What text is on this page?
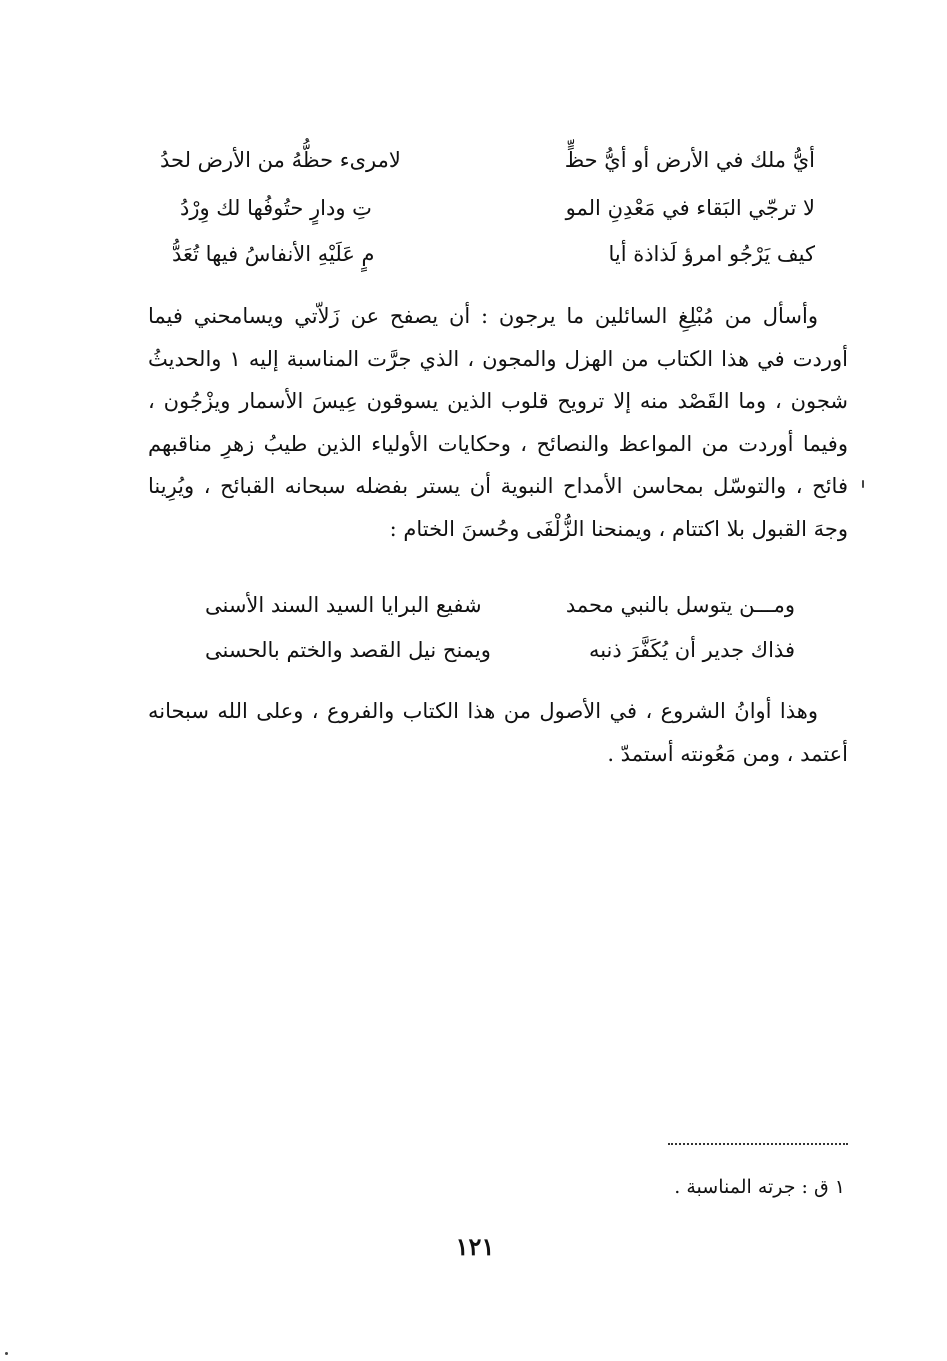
أيُّ ملك في الأرض أو أيُّ حظٍّ
لامرىء حظُّهُ من الأرض لحدُ
لا ترجّي البَقاء في مَعْدِنِ المو
تِ ودارٍ حتُوفُها لك وِرْدُ
كيف يَرْجُو امرؤ لَذاذة أيا
مٍ عَلَيْهِ الأنفاسُ فيها تُعَدُّ
وأسأل من مُبْلِغِ السائلين ما يرجون : أن يصفح عن زَلاّتي ويسامحني فيما أوردت في هذا الكتاب من الهزل والمجون ، الذي جرَّت المناسبة إليه ١ والحديثُ شجون ، وما القَصْد منه إلا ترويح قلوب الذين يسوقون عِيسَ الأسمار ويزْجُون ، وفيما أوردت من المواعظ والنصائح ، وحكايات الأولياء الذين طيبُ زهرِ مناقبهم فائح ، والتوسّل بمحاسن الأمداح النبوية أن يستر بفضله سبحانه القبائح ، ويُرِينا وجهَ القبول بلا اكتتام ، ويمنحنا الزُّلْفَى وحُسنَ الختام :
ومـــن يتوسل بالنبي محمد
شفيع البرايا السيد السند الأسنى
فذاك جدير أن يُكَفَّرَ ذنبه
ويمنح نيل القصد والختم بالحسنى
وهذا أوانُ الشروع ، في الأصول من هذا الكتاب والفروع ، وعلى الله سبحانه أعتمد ، ومن مَعُونته أستمدّ .
١ ق : جرته المناسبة .
١٢١
